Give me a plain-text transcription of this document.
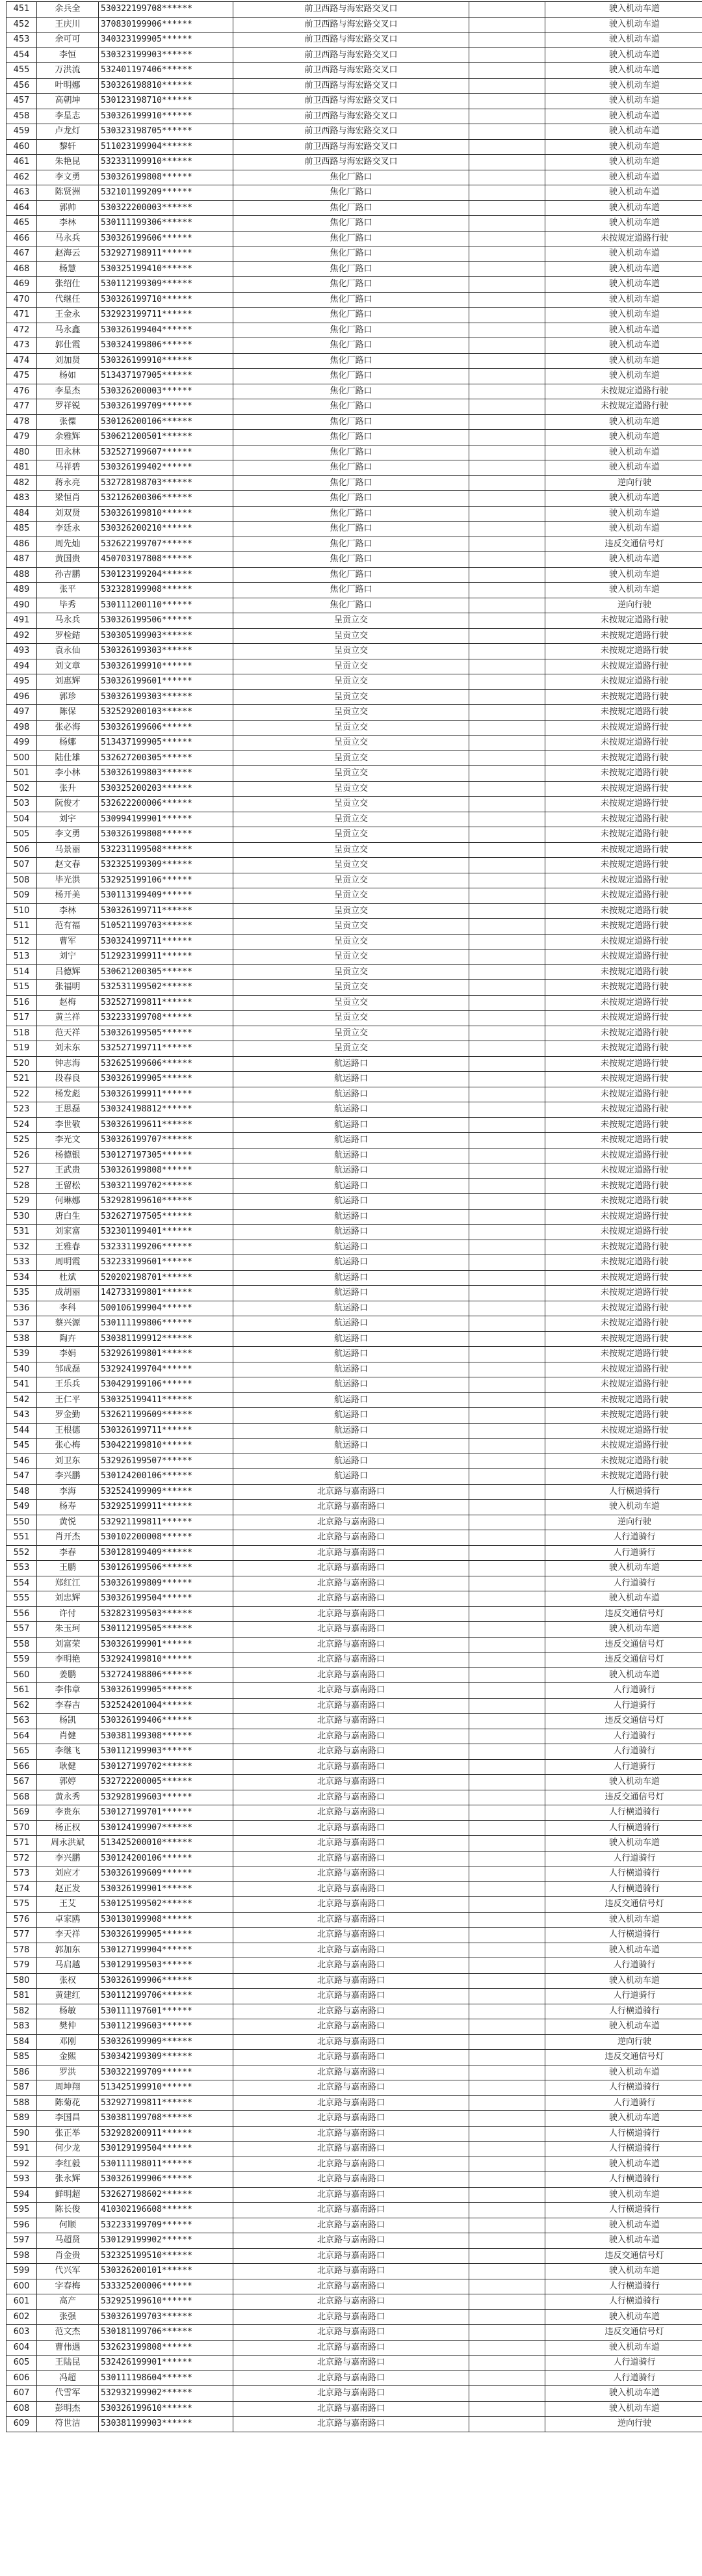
451	余兵全	530322199708******	前卫西路与海宏路交叉口		驶入机动车道
452	王庆川	370830199906******	前卫西路与海宏路交叉口		驶入机动车道
453	余可可	340323199905******	前卫西路与海宏路交叉口		驶入机动车道
454	李恒	530323199903******	前卫西路与海宏路交叉口		驶入机动车道
455	万洪流	532401197406******	前卫西路与海宏路交叉口		驶入机动车道
456	叶明娜	530326198810******	前卫西路与海宏路交叉口		驶入机动车道
457	高朝坤	530123198710******	前卫西路与海宏路交叉口		驶入机动车道
458	李星志	530326199910******	前卫西路与海宏路交叉口		驶入机动车道
459	卢龙灯	530323198705******	前卫西路与海宏路交叉口		驶入机动车道
460	黎轩	511023199904******	前卫西路与海宏路交叉口		驶入机动车道
461	朱艳昆	532331199910******	前卫西路与海宏路交叉口		驶入机动车道
462	李文勇	530326199808******	焦化厂路口		驶入机动车道
463	陈贤洲	532101199209******	焦化厂路口		驶入机动车道
464	郭帅	530322200003******	焦化厂路口		驶入机动车道
465	李林	530111199306******	焦化厂路口		驶入机动车道
466	马永兵	530326199606******	焦化厂路口		未按规定道路行驶
467	赵海云	532927198911******	焦化厂路口		驶入机动车道
468	杨慧	530325199410******	焦化厂路口		驶入机动车道
469	张绍仕	530112199309******	焦化厂路口		驶入机动车道
470	代继任	530326199710******	焦化厂路口		驶入机动车道
471	王金永	532923199711******	焦化厂路口		驶入机动车道
472	马永鑫	530326199404******	焦化厂路口		驶入机动车道
473	郭仕霞	530324199806******	焦化厂路口		驶入机动车道
474	刘加贤	530326199910******	焦化厂路口		驶入机动车道
475	杨如	513437197905******	焦化厂路口		驶入机动车道
476	李星杰	530326200003******	焦化厂路口		未按规定道路行驶
477	罗祥锐	530326199709******	焦化厂路口		未按规定道路行驶
478	张僳	530126200106******	焦化厂路口		驶入机动车道
479	余雅辉	530621200501******	焦化厂路口		驶入机动车道
480	田永林	532527199607******	焦化厂路口		驶入机动车道
481	马祥碧	530326199402******	焦化厂路口		驶入机动车道
482	蒋永亮	532728198703******	焦化厂路口		逆向行驶
483	梁恒肖	532126200306******	焦化厂路口		驶入机动车道
484	刘双贤	530326199810******	焦化厂路口		驶入机动车道
485	李廷永	530326200210******	焦化厂路口		驶入机动车道
486	周先灿	532622199707******	焦化厂路口		违反交通信号灯
487	黄国贵	450703197808******	焦化厂路口		驶入机动车道
488	孙吉鹏	530123199204******	焦化厂路口		驶入机动车道
489	张平	532328199908******	焦化厂路口		驶入机动车道
490	毕秀	530111200110******	焦化厂路口		逆向行驶
491	马永兵	530326199506******	呈贡立交		未按规定道路行驶
492	罗检銡	530305199903******	呈贡立交		未按规定道路行驶
493	袁永仙	530326199303******	呈贡立交		未按规定道路行驶
494	刘文章	530326199910******	呈贡立交		未按规定道路行驶
495	刘惠辉	530326199601******	呈贡立交		未按规定道路行驶
496	郭珍	530326199303******	呈贡立交		未按规定道路行驶
497	陈保	532529200103******	呈贡立交		未按规定道路行驶
498	张必海	530326199606******	呈贡立交		未按规定道路行驶
499	杨娜	513437199905******	呈贡立交		未按规定道路行驶
500	陆仕雄	532627200305******	呈贡立交		未按规定道路行驶
501	李小林	530326199803******	呈贡立交		未按规定道路行驶
502	张升	530325200203******	呈贡立交		未按规定道路行驶
503	阮俊才	532622200006******	呈贡立交		未按规定道路行驶
504	刘宇	530994199901******	呈贡立交		未按规定道路行驶
505	李文勇	530326199808******	呈贡立交		未按规定道路行驶
506	马景丽	532231199508******	呈贡立交		未按规定道路行驶
507	赵文春	532325199309******	呈贡立交		未按规定道路行驶
508	毕光洪	532925199106******	呈贡立交		未按规定道路行驶
509	杨开美	530113199409******	呈贡立交		未按规定道路行驶
510	李林	530326199711******	呈贡立交		未按规定道路行驶
511	范有福	510521199703******	呈贡立交		未按规定道路行驶
512	曹军	530324199711******	呈贡立交		未按规定道路行驶
513	刘宁	512923199911******	呈贡立交		未按规定道路行驶
514	吕德辉	530621200305******	呈贡立交		未按规定道路行驶
515	张福明	532531199502******	呈贡立交		未按规定道路行驶
516	赵梅	532527199811******	呈贡立交		未按规定道路行驶
517	黄兰祥	532233199708******	呈贡立交		未按规定道路行驶
518	范天祥	530326199505******	呈贡立交		未按规定道路行驶
519	刘未东	532527199711******	呈贡立交		未按规定道路行驶
520	钟志海	532625199606******	航运路口		未按规定道路行驶
521	段春良	530326199905******	航运路口		未按规定道路行驶
522	杨发彪	530326199911******	航运路口		未按规定道路行驶
523	王思磊	530324198812******	航运路口		未按规定道路行驶
524	李世敬	530326199611******	航运路口		未按规定道路行驶
525	李光文	530326199707******	航运路口		未按规定道路行驶
526	杨德银	530127197305******	航运路口		未按规定道路行驶
527	王武贵	530326199808******	航运路口		未按规定道路行驶
528	王留松	530321199702******	航运路口		未按规定道路行驶
529	何琳娜	532928199610******	航运路口		未按规定道路行驶
530	唐白生	532627197505******	航运路口		未按规定道路行驶
531	刘家富	532301199401******	航运路口		未按规定道路行驶
532	王雅春	532331199206******	航运路口		未按规定道路行驶
533	周明霞	532233199601******	航运路口		未按规定道路行驶
534	杜斌	520202198701******	航运路口		未按规定道路行驶
535	成胡丽	142733199801******	航运路口		未按规定道路行驶
536	李科	500106199904******	航运路口		未按规定道路行驶
537	蔡兴源	530111199806******	航运路口		未按规定道路行驶
538	陶卉	530381199912******	航运路口		未按规定道路行驶
539	李娟	532926199801******	航运路口		未按规定道路行驶
540	邹成磊	532924199704******	航运路口		未按规定道路行驶
541	王乐兵	530429199106******	航运路口		未按规定道路行驶
542	王仁平	530325199411******	航运路口		未按规定道路行驶
543	罗金勤	532621199609******	航运路口		未按规定道路行驶
544	王根德	530326199711******	航运路口		未按规定道路行驶
545	张心梅	530422199810******	航运路口		未按规定道路行驶
546	刘卫东	532926199507******	航运路口		未按规定道路行驶
547	李兴鹏	530124200106******	航运路口		未按规定道路行驶
548	李海	532524199909******	北京路与嘉南路口		人行横道骑行
549	杨寿	532925199911******	北京路与嘉南路口		驶入机动车道
550	黄悦	532921199811******	北京路与嘉南路口		逆向行驶
551	肖开杰	530102200008******	北京路与嘉南路口		人行道骑行
552	李春	530128199409******	北京路与嘉南路口		人行道骑行
553	王鹏	530126199506******	北京路与嘉南路口		驶入机动车道
554	郑红江	530326199809******	北京路与嘉南路口		人行道骑行
555	刘忠辉	530326199504******	北京路与嘉南路口		驶入机动车道
556	许付	532823199503******	北京路与嘉南路口		违反交通信号灯
557	朱玉珂	530112199505******	北京路与嘉南路口		驶入机动车道
558	刘富荣	530326199901******	北京路与嘉南路口		违反交通信号灯
559	李明艳	532924199810******	北京路与嘉南路口		违反交通信号灯
560	姜鹏	532724198806******	北京路与嘉南路口		驶入机动车道
561	李伟章	530326199905******	北京路与嘉南路口		人行道骑行
562	李春吉	532524201004******	北京路与嘉南路口		人行道骑行
563	杨凯	530326199406******	北京路与嘉南路口		违反交通信号灯
564	肖健	530381199308******	北京路与嘉南路口		人行道骑行
565	李继飞	530112199903******	北京路与嘉南路口		人行道骑行
566	耿健	530127199702******	北京路与嘉南路口		人行道骑行
567	郭婷	532722200005******	北京路与嘉南路口		驶入机动车道
568	黄永秀	532928199603******	北京路与嘉南路口		违反交通信号灯
569	李贵东	530127199701******	北京路与嘉南路口		人行横道骑行
570	杨正权	530124199907******	北京路与嘉南路口		人行横道骑行
571	周永洪斌	513425200010******	北京路与嘉南路口		驶入机动车道
572	李兴鹏	530124200106******	北京路与嘉南路口		人行道骑行
573	刘应才	530326199609******	北京路与嘉南路口		人行横道骑行
574	赵正发	530326199901******	北京路与嘉南路口		人行横道骑行
575	王艾	530125199502******	北京路与嘉南路口		违反交通信号灯
576	卓家鸥	530130199908******	北京路与嘉南路口		驶入机动车道
577	李天祥	530326199905******	北京路与嘉南路口		人行横道骑行
578	郭加东	530127199904******	北京路与嘉南路口		驶入机动车道
579	马启越	530129199503******	北京路与嘉南路口		人行道骑行
580	张权	530326199906******	北京路与嘉南路口		驶入机动车道
581	黄建红	530112199706******	北京路与嘉南路口		人行道骑行
582	杨敏	530111197601******	北京路与嘉南路口		人行横道骑行
583	樊仲	530112199603******	北京路与嘉南路口		驶入机动车道
584	邓刚	530326199909******	北京路与嘉南路口		逆向行驶
585	金熙	530342199309******	北京路与嘉南路口		违反交通信号灯
586	罗洪	530322199709******	北京路与嘉南路口		驶入机动车道
587	周坤翔	513425199910******	北京路与嘉南路口		人行横道骑行
588	陈菊花	532927199811******	北京路与嘉南路口		人行道骑行
589	李国昌	530381199708******	北京路与嘉南路口		驶入机动车道
590	张正举	532928200911******	北京路与嘉南路口		人行横道骑行
591	何少龙	530129199504******	北京路与嘉南路口		人行横道骑行
592	李红毅	530111198011******	北京路与嘉南路口		驶入机动车道
593	张永辉	530326199906******	北京路与嘉南路口		人行横道骑行
594	鲜明超	532627198602******	北京路与嘉南路口		驶入机动车道
595	陈长俊	410302196608******	北京路与嘉南路口		人行横道骑行
596	何顺	532233199709******	北京路与嘉南路口		驶入机动车道
597	马超贤	530129199902******	北京路与嘉南路口		驶入机动车道
598	肖金贵	532325199510******	北京路与嘉南路口		违反交通信号灯
599	代兴军	530326200101******	北京路与嘉南路口		驶入机动车道
600	字春梅	533325200006******	北京路与嘉南路口		人行横道骑行
601	高产	532925199610******	北京路与嘉南路口		人行横道骑行
602	张强	530326199703******	北京路与嘉南路口		驶入机动车道
603	范文杰	530181199706******	北京路与嘉南路口		违反交通信号灯
604	曹伟遇	532623199808******	北京路与嘉南路口		驶入机动车道
605	王陆昆	532426199901******	北京路与嘉南路口		人行道骑行
606	冯超	530111198604******	北京路与嘉南路口		人行道骑行
607	代雪军	532932199902******	北京路与嘉南路口		驶入机动车道
608	彭明杰	530326199610******	北京路与嘉南路口		驶入机动车道
609	符世洁	530381199903******	北京路与嘉南路口		逆向行驶
